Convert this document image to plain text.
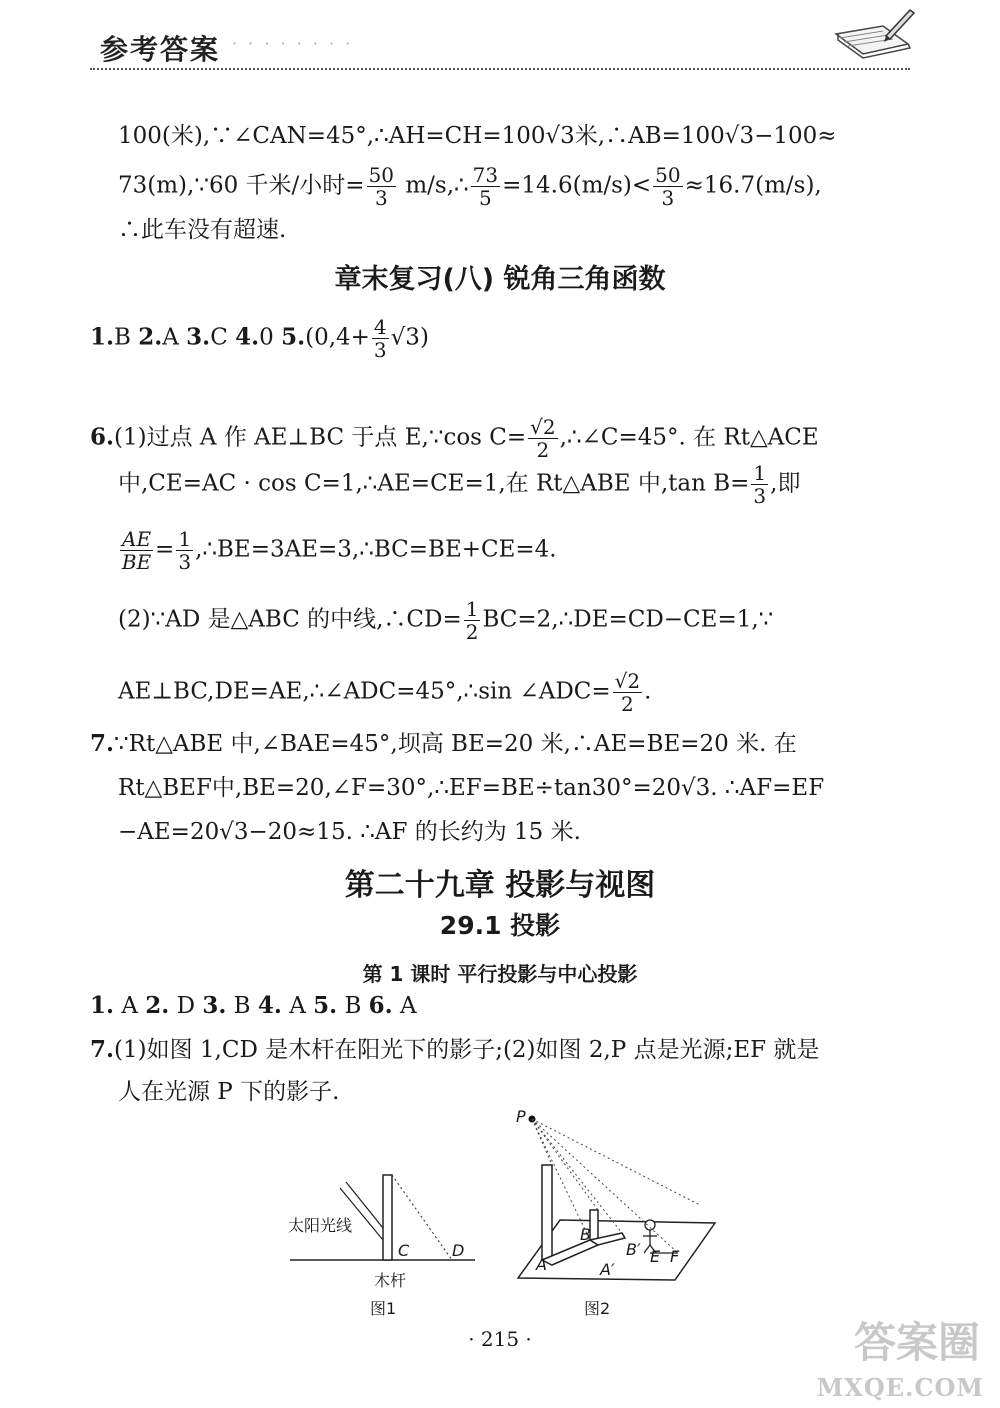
参考答案 · · · · · · · ·
100(米),∵∠CAN=45°,∴AH=CH=100√3米,∴AB=100√3−100≈
73(m),∵60 千米/小时= $\frac{50}{3}$ m/s,∴ $\frac{73}{5} =14.6(m/s)< \frac{50}{3} \approx 16.7(m/s)$,
∴此车没有超速.
章末复习(八) 锐角三角函数
1.B 2.A 3.C 4.0 $5.(0,4+ \frac{4}{3} √3)$
6.(1)过点 A 作 AE⊥BC 于点 E,∵cos $C= \frac{√2}{2}$ ,∴∠C=45°. 在 Rt△ACE
中,CE=AC · cos C=1,∴AE=CE=1,在 Rt△ABE 中,tan $B= \frac{1}{3}$ ,即
$\frac{AE}{BE} = \frac{1}{3}$ ,∴BE=3AE=3,∴BC=BE+CE=4.
(2)∵AD 是△ABC 的中线,∴CD= $\frac{1}{2}$ BC=2,∴DE=CD−CE=1,∵
AE⊥BC,DE=AE,∴∠ADC=45°,∴sin ∠ADC= $\frac{√2}{2}$ .
7.∵Rt△ABE 中,∠BAE=45°,坝高 BE=20 米,∴AE=BE=20 米. 在
Rt△BEF中,BE=20,∠F=30°,∴EF=BE÷tan30°=20√3. ∴AF=EF
−AE=20√3−20≈15. ∴AF 的长约为 15 米.
第二十九章 投影与视图
29.1 投影
第 1 课时 平行投影与中心投影
1. A 2. D 3. B 4. A 5. B 6. A
7.(1)如图 1,CD 是木杆在阳光下的影子;(2)如图 2,P 点是光源;EF 就是
人在光源 P 下的影子.
太阳光线
C	D
木杆
图1
P
B
B′ E F
A	A′
图2
· 215 ·	答案圈
MXQE.COM
